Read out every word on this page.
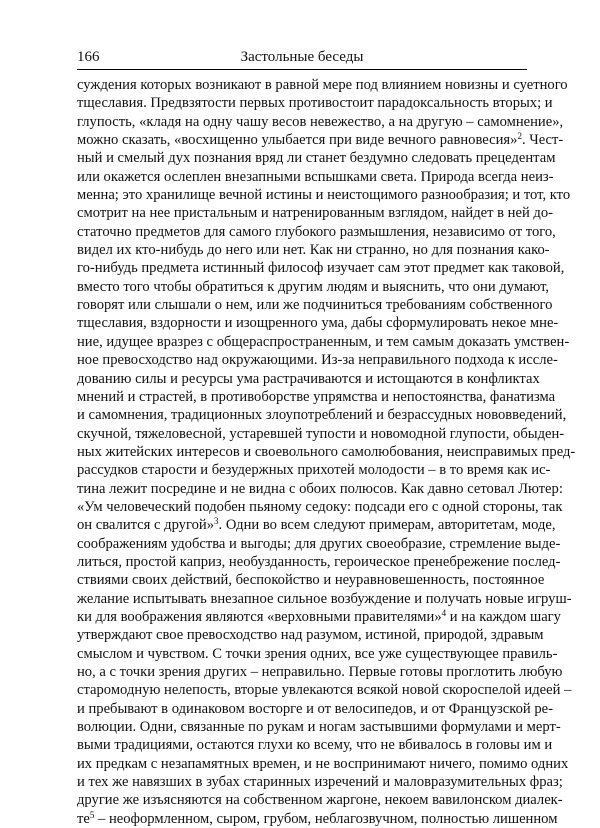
166	Застольные беседы
суждения которых возникают в равной мере под влиянием новизны и суетного
тщеславия. Предвзятости первых противостоит парадоксальность вторых; и
глупость, «кладя на одну чашу весов невежество, а на другую – самомнение»,
можно сказать, «восхищенно улыбается при виде вечного равновесия»$^2$. Чест-
ный и смелый дух познания вряд ли станет бездумно следовать прецедентам
или окажется ослеплен внезапными вспышками света. Природа всегда неиз-
менна; это хранилище вечной истины и неистощимого разнообразия; и тот, кто
смотрит на нее пристальным и натренированным взглядом, найдет в ней до-
статочно предметов для самого глубокого размышления, независимо от того,
видел их кто-нибудь до него или нет. Как ни странно, но для познания како-
го-нибудь предмета истинный философ изучает сам этот предмет как таковой,
вместо того чтобы обратиться к другим людям и выяснить, что они думают,
говорят или слышали о нем, или же подчиниться требованиям собственного
тщеславия, вздорности и изощренного ума, дабы сформулировать некое мне-
ние, идущее вразрез с общераспространенным, и тем самым доказать умствен-
ное превосходство над окружающими. Из-за неправильного подхода к иссле-
дованию силы и ресурсы ума растрачиваются и истощаются в конфликтах
мнений и страстей, в противоборстве упрямства и непостоянства, фанатизма
и самомнения, традиционных злоупотреблений и безрассудных нововведений,
скучной, тяжеловесной, устаревшей тупости и новомодной глупости, обыден-
ных житейских интересов и своевольного самолюбования, неисправимых пред-
рассудков старости и безудержных прихотей молодости – в то время как ис-
тина лежит посредине и не видна с обоих полюсов. Как давно сетовал Лютер:
«Ум человеческий подобен пьяному седоку: подсади его с одной стороны, так
он свалится с другой»$^3$. Одни во всем следуют примерам, авторитетам, моде,
соображениям удобства и выгоды; для других своеобразие, стремление выде-
литься, простой каприз, необузданность, героическое пренебрежение послед-
ствиями своих действий, беспокойство и неуравновешенность, постоянное
желание испытывать внезапное сильное возбуждение и получать новые игруш-
ки для воображения являются «верховными правителями»$^4$ и на каждом шагу
утверждают свое превосходство над разумом, истиной, природой, здравым
смыслом и чувством. С точки зрения одних, все уже существующее правиль-
но, а с точки зрения других – неправильно. Первые готовы проглотить любую
старомодную нелепость, вторые увлекаются всякой новой скороспелой идеей –
и пребывают в одинаковом восторге и от велосипедов, и от Французской ре-
волюции. Одни, связанные по рукам и ногам застывшими формулами и мерт-
выми традициями, остаются глухи ко всему, что не вбивалось в головы им и
их предкам с незапамятных времен, и не воспринимают ничего, помимо одних
и тех же навязших в зубах старинных изречений и маловразумительных фраз;
другие же изъясняются на собственном жаргоне, некоем вавилонском диалек-
$те^5$ – неоформленном, сыром, грубом, неблагозвучном, полностью лишенном
